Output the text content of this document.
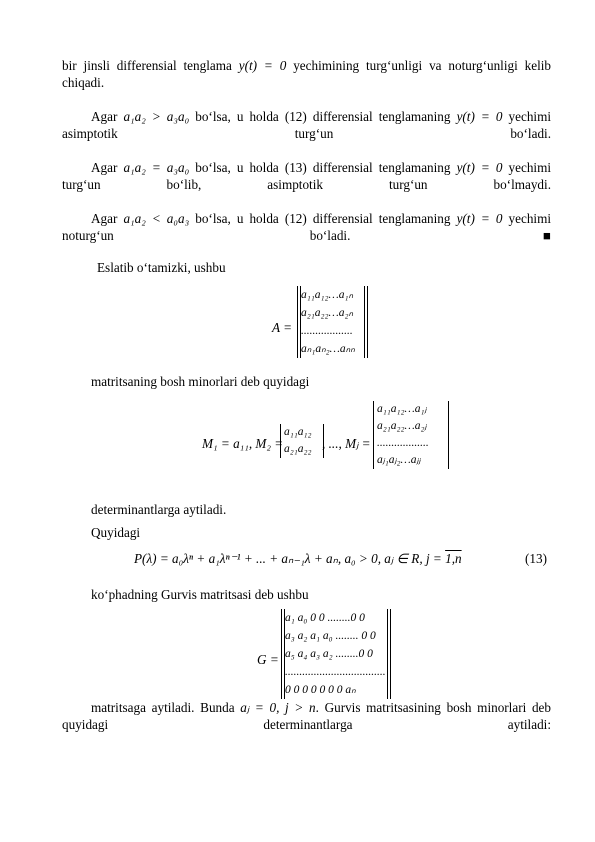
bir jinsli differensial tenglama y(t) = 0 yechimining turg‘unligi va noturg‘unligi kelib chiqadi.
Agar a₁a₂ > a₃a₀ bo‘lsa, u holda (12) differensial tenglamaning y(t) = 0 yechimi asimptotik turg‘un bo‘ladi.
Agar a₁a₂ = a₃a₀ bo‘lsa, u holda (13) differensial tenglamaning y(t) = 0 yechimi turg‘un bo‘lib, asimptotik turg‘un bo‘lmaydi.
Agar a₁a₂ < a₀a₃ bo‘lsa, u holda (12) differensial tenglamaning y(t) = 0 yechimi noturg‘un bo‘ladi.■
Eslatib o‘tamizki, ushbu
A =
a₁₁a₁₂…a₁ₙ
a₂₁a₂₂…a₂ₙ
..................
aₙ₁aₙ₂…aₙₙ
matritsaning bosh minorlari deb quyidagi
M₁ = a₁₁, M₂ =
a₁₁a₁₂
a₂₁a₂₂ , ..., Mⱼ =
a₁₁a₁₂…a₁ⱼ
a₂₁a₂₂…a₂ⱼ
..................
aⱼ₁aⱼ₂…aⱼⱼ
determinantlarga aytiladi.
Quyidagi
P(λ) = a₀λⁿ + a₁λⁿ⁻¹ + ... + aₙ₋₁λ + aₙ, a₀ > 0, aⱼ ∈ R, j = 1,n	(13)
ko‘phadning Gurvis matritsasi deb ushbu
G =
a₁ a₀ 0 0 ........0 0
a₃ a₂ a₁ a₀ ........ 0 0
a₅ a₄ a₃ a₂ ........0 0
...................................
0 0 0 0 0 0 0 aₙ
matritsaga aytiladi. Bunda aⱼ = 0, j > n. Gurvis matritsasining bosh minorlari deb quyidagi determinantlarga aytiladi:
